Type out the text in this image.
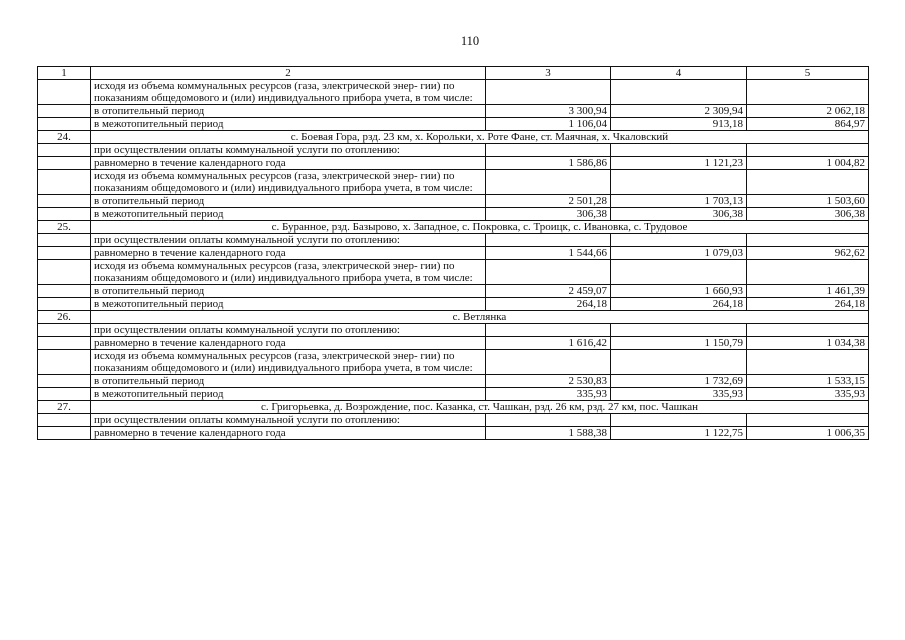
110
1	2	3	4	5
	исходя из объема коммунальных ресурсов (газа, электрической энер- гии) по показаниям общедомового и (или) индивидуального прибора учета, в том числе:			
	в отопительный период	3 300,94	2 309,94	2 062,18
	в межотопительный период	1 106,04	913,18	864,97
24.	с. Боевая Гора, рзд. 23 км, х. Корольки, х. Роте Фане, ст. Маячная, х. Чкаловский			
	при осуществлении оплаты коммунальной услуги по отоплению:			
	равномерно в течение календарного года	1 586,86	1 121,23	1 004,82
	исходя из объема коммунальных ресурсов (газа, электрической энер- гии) по показаниям общедомового и (или) индивидуального прибора учета, в том числе:			
	в отопительный период	2 501,28	1 703,13	1 503,60
	в межотопительный период	306,38	306,38	306,38
25.	с. Буранное, рзд. Базырово, х. Западное, с. Покровка, с. Троицк, с. Ивановка, с. Трудовое			
	при осуществлении оплаты коммунальной услуги по отоплению:			
	равномерно в течение календарного года	1 544,66	1 079,03	962,62
	исходя из объема коммунальных ресурсов (газа, электрической энер- гии) по показаниям общедомового и (или) индивидуального прибора учета, в том числе:			
	в отопительный период	2 459,07	1 660,93	1 461,39
	в межотопительный период	264,18	264,18	264,18
26.	с. Ветлянка			
	при осуществлении оплаты коммунальной услуги по отоплению:			
	равномерно в течение календарного года	1 616,42	1 150,79	1 034,38
	исходя из объема коммунальных ресурсов (газа, электрической энер- гии) по показаниям общедомового и (или) индивидуального прибора учета, в том числе:			
	в отопительный период	2 530,83	1 732,69	1 533,15
	в межотопительный период	335,93	335,93	335,93
27.	с. Григорьевка, д. Возрождение, пос. Казанка, ст. Чашкан, рзд. 26 км, рзд. 27 км, пос. Чашкан			
	при осуществлении оплаты коммунальной услуги по отоплению:			
	равномерно в течение календарного года	1 588,38	1 122,75	1 006,35
